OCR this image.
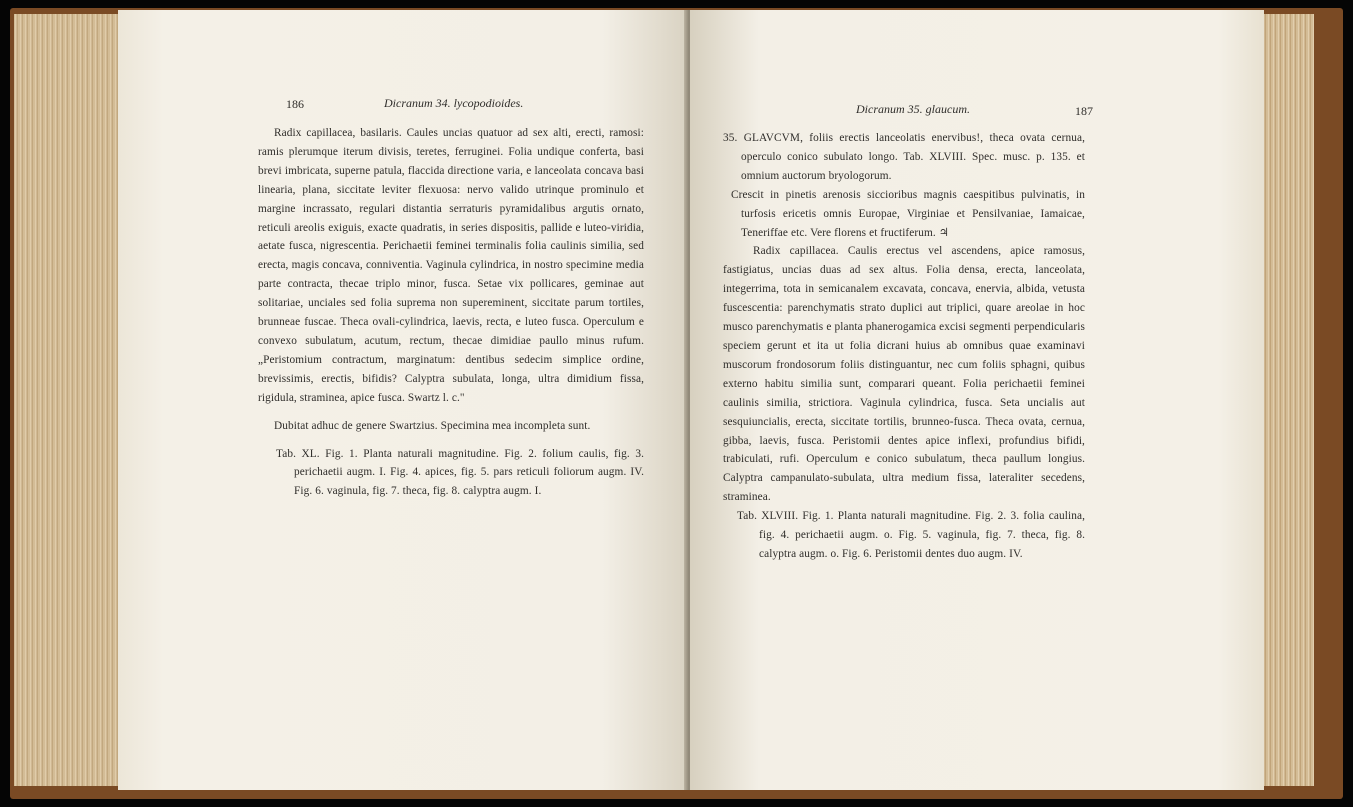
186	Dicranum 34. lycopodioides.

Radix capillacea, basilaris. Caules uncias quatuor ad sex alti, erecti, ramosi: ramis plerumque iterum divisis, teretes, ferruginei. Folia undique conferta, basi brevi imbricata, superne patula, flaccida directione varia, e lanceolata concava basi linearia, plana, siccitate leviter flexuosa: nervo valido utrinque prominulo et margine incrassato, regulari distantia serraturis pyramidalibus argutis ornato, reticuli areolis exiguis, exacte quadratis, in series dispositis, pallide e luteo-viridia, aetate fusca, nigrescentia. Perichaetii feminei terminalis folia caulinis similia, sed erecta, magis concava, conniventia. Vaginula cylindrica, in nostro specimine media parte contracta, thecae triplo minor, fusca. Setae vix pollicares, geminae aut solitariae, unciales sed folia suprema non supereminent, siccitate parum tortiles, brunneae fuscae. Theca ovali-cylindrica, laevis, recta, e luteo fusca. Operculum e convexo subulatum, acutum, rectum, thecae dimidiae paullo minus rufum. „Peristomium contractum, marginatum: dentibus sedecim simplice ordine, brevissimis, erectis, bifidis? Calyptra subulata, longa, ultra dimidium fissa, rigidula, straminea, apice fusca. Swartz l. c."

Dubitat adhuc de genere Swartzius. Specimina mea incompleta sunt.

Tab. XL. Fig. 1. Planta naturali magnitudine. Fig. 2. folium caulis, fig. 3. perichaetii augm. I. Fig. 4. apices, fig. 5. pars reticuli foliorum augm. IV. Fig. 6. vaginula, fig. 7. theca, fig. 8. calyptra augm. I.

Dicranum 35. glaucum.	187

35. GLAVCVM, foliis erectis lanceolatis enervibus!, theca ovata cernua, operculo conico subulato longo. Tab. XLVIII. Spec. musc. p. 135. et omnium auctorum bryologorum.

Crescit in pinetis arenosis siccioribus magnis caespitibus pulvinatis, in turfosis ericetis omnis Europae, Virginiae et Pensilvaniae, Iamaicae, Teneriffae etc. Vere florens et fructiferum. ♃

Radix capillacea. Caulis erectus vel ascendens, apice ramosus, fastigiatus, uncias duas ad sex altus. Folia densa, erecta, lanceolata, integerrima, tota in semicanalem excavata, concava, enervia, albida, vetusta fuscescentia: parenchymatis strato duplici aut triplici, quare areolae in hoc musco parenchymatis e planta phanerogamica excisi segmenti perpendicularis speciem gerunt et ita ut folia dicrani huius ab omnibus quae examinavi muscorum frondosorum foliis distinguantur, nec cum foliis sphagni, quibus externo habitu similia sunt, comparari queant. Folia perichaetii feminei caulinis similia, strictiora. Vaginula cylindrica, fusca. Seta uncialis aut sesquiuncialis, erecta, siccitate tortilis, brunneo-fusca. Theca ovata, cernua, gibba, laevis, fusca. Peristomii dentes apice inflexi, profundius bifidi, trabiculati, rufi. Operculum e conico subulatum, theca paullum longius. Calyptra campanulato-subulata, ultra medium fissa, lateraliter secedens, straminea.

Tab. XLVIII. Fig. 1. Planta naturali magnitudine. Fig. 2. 3. folia caulina, fig. 4. perichaetii augm. o. Fig. 5. vaginula, fig. 7. theca, fig. 8. calyptra augm. o. Fig. 6. Peristomii dentes duo augm. IV.
